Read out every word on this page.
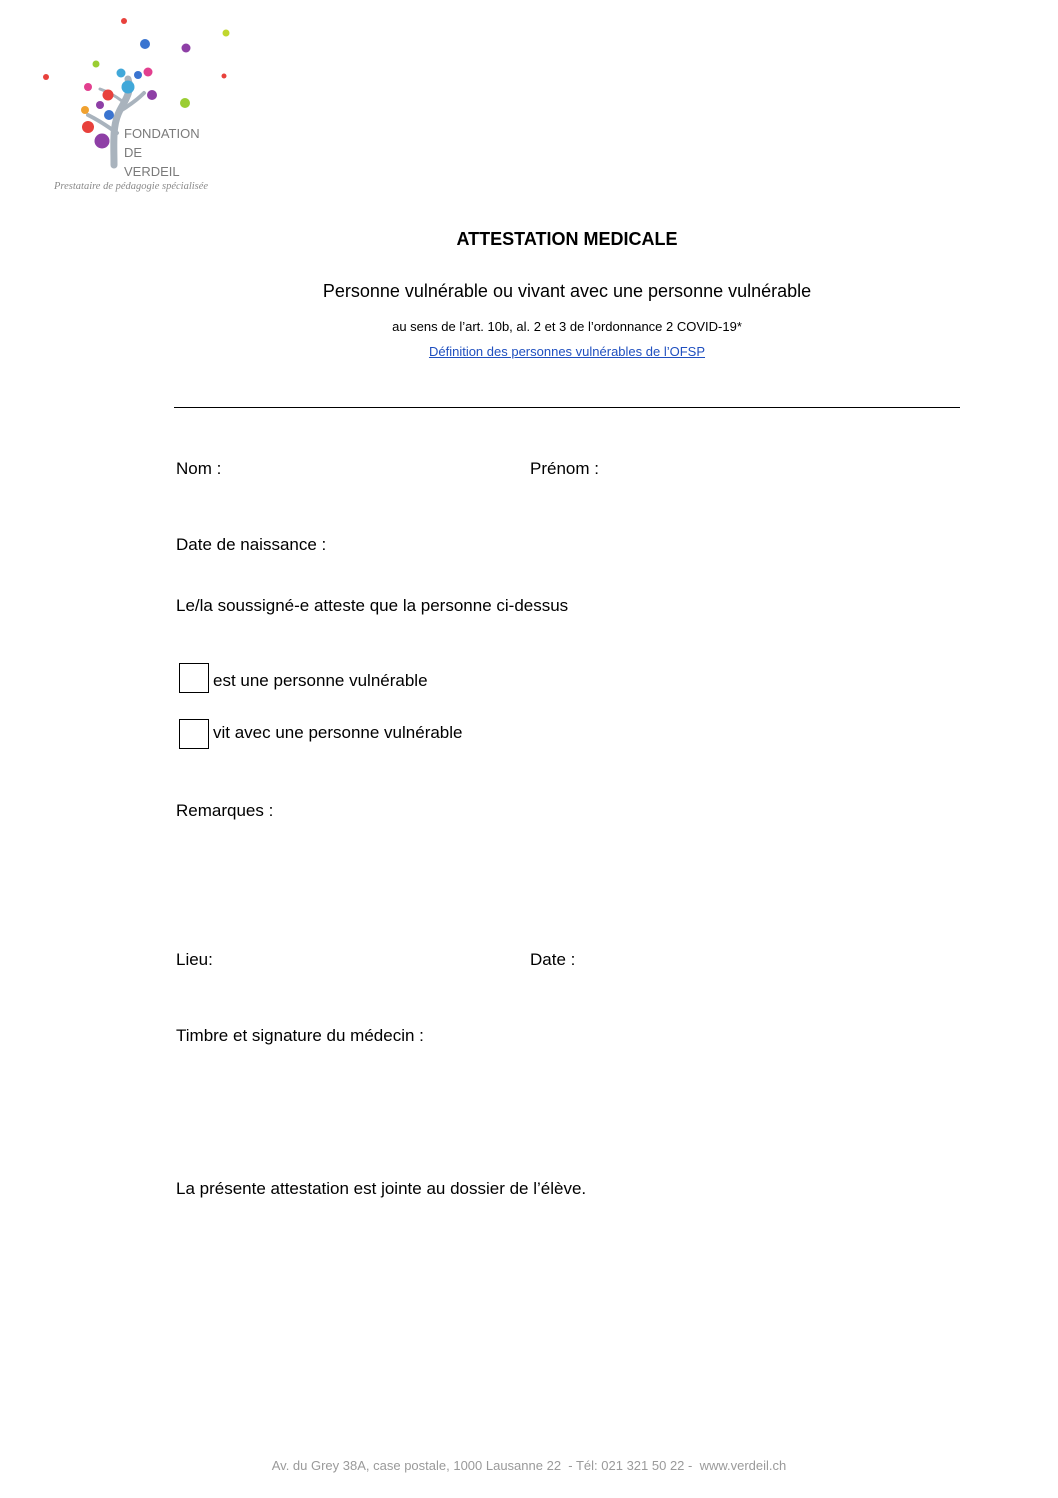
FONDATION
DE
VERDEIL
Prestataire de pédagogie spécialisée
ATTESTATION MEDICALE
Personne vulnérable ou vivant avec une personne vulnérable
au sens de l’art. 10b, al. 2 et 3 de l’ordonnance 2 COVID-19*
Définition des personnes vulnérables de l’OFSP
Nom :	Prénom :
Date de naissance :
Le/la soussigné-e atteste que la personne ci-dessus
est une personne vulnérable
vit avec une personne vulnérable
Remarques :
Lieu:	Date :
Timbre et signature du médecin :
La présente attestation est jointe au dossier de l’élève.
Av. du Grey 38A, case postale, 1000 Lausanne 22  - Tél: 021 321 50 22 -  www.verdeil.ch
